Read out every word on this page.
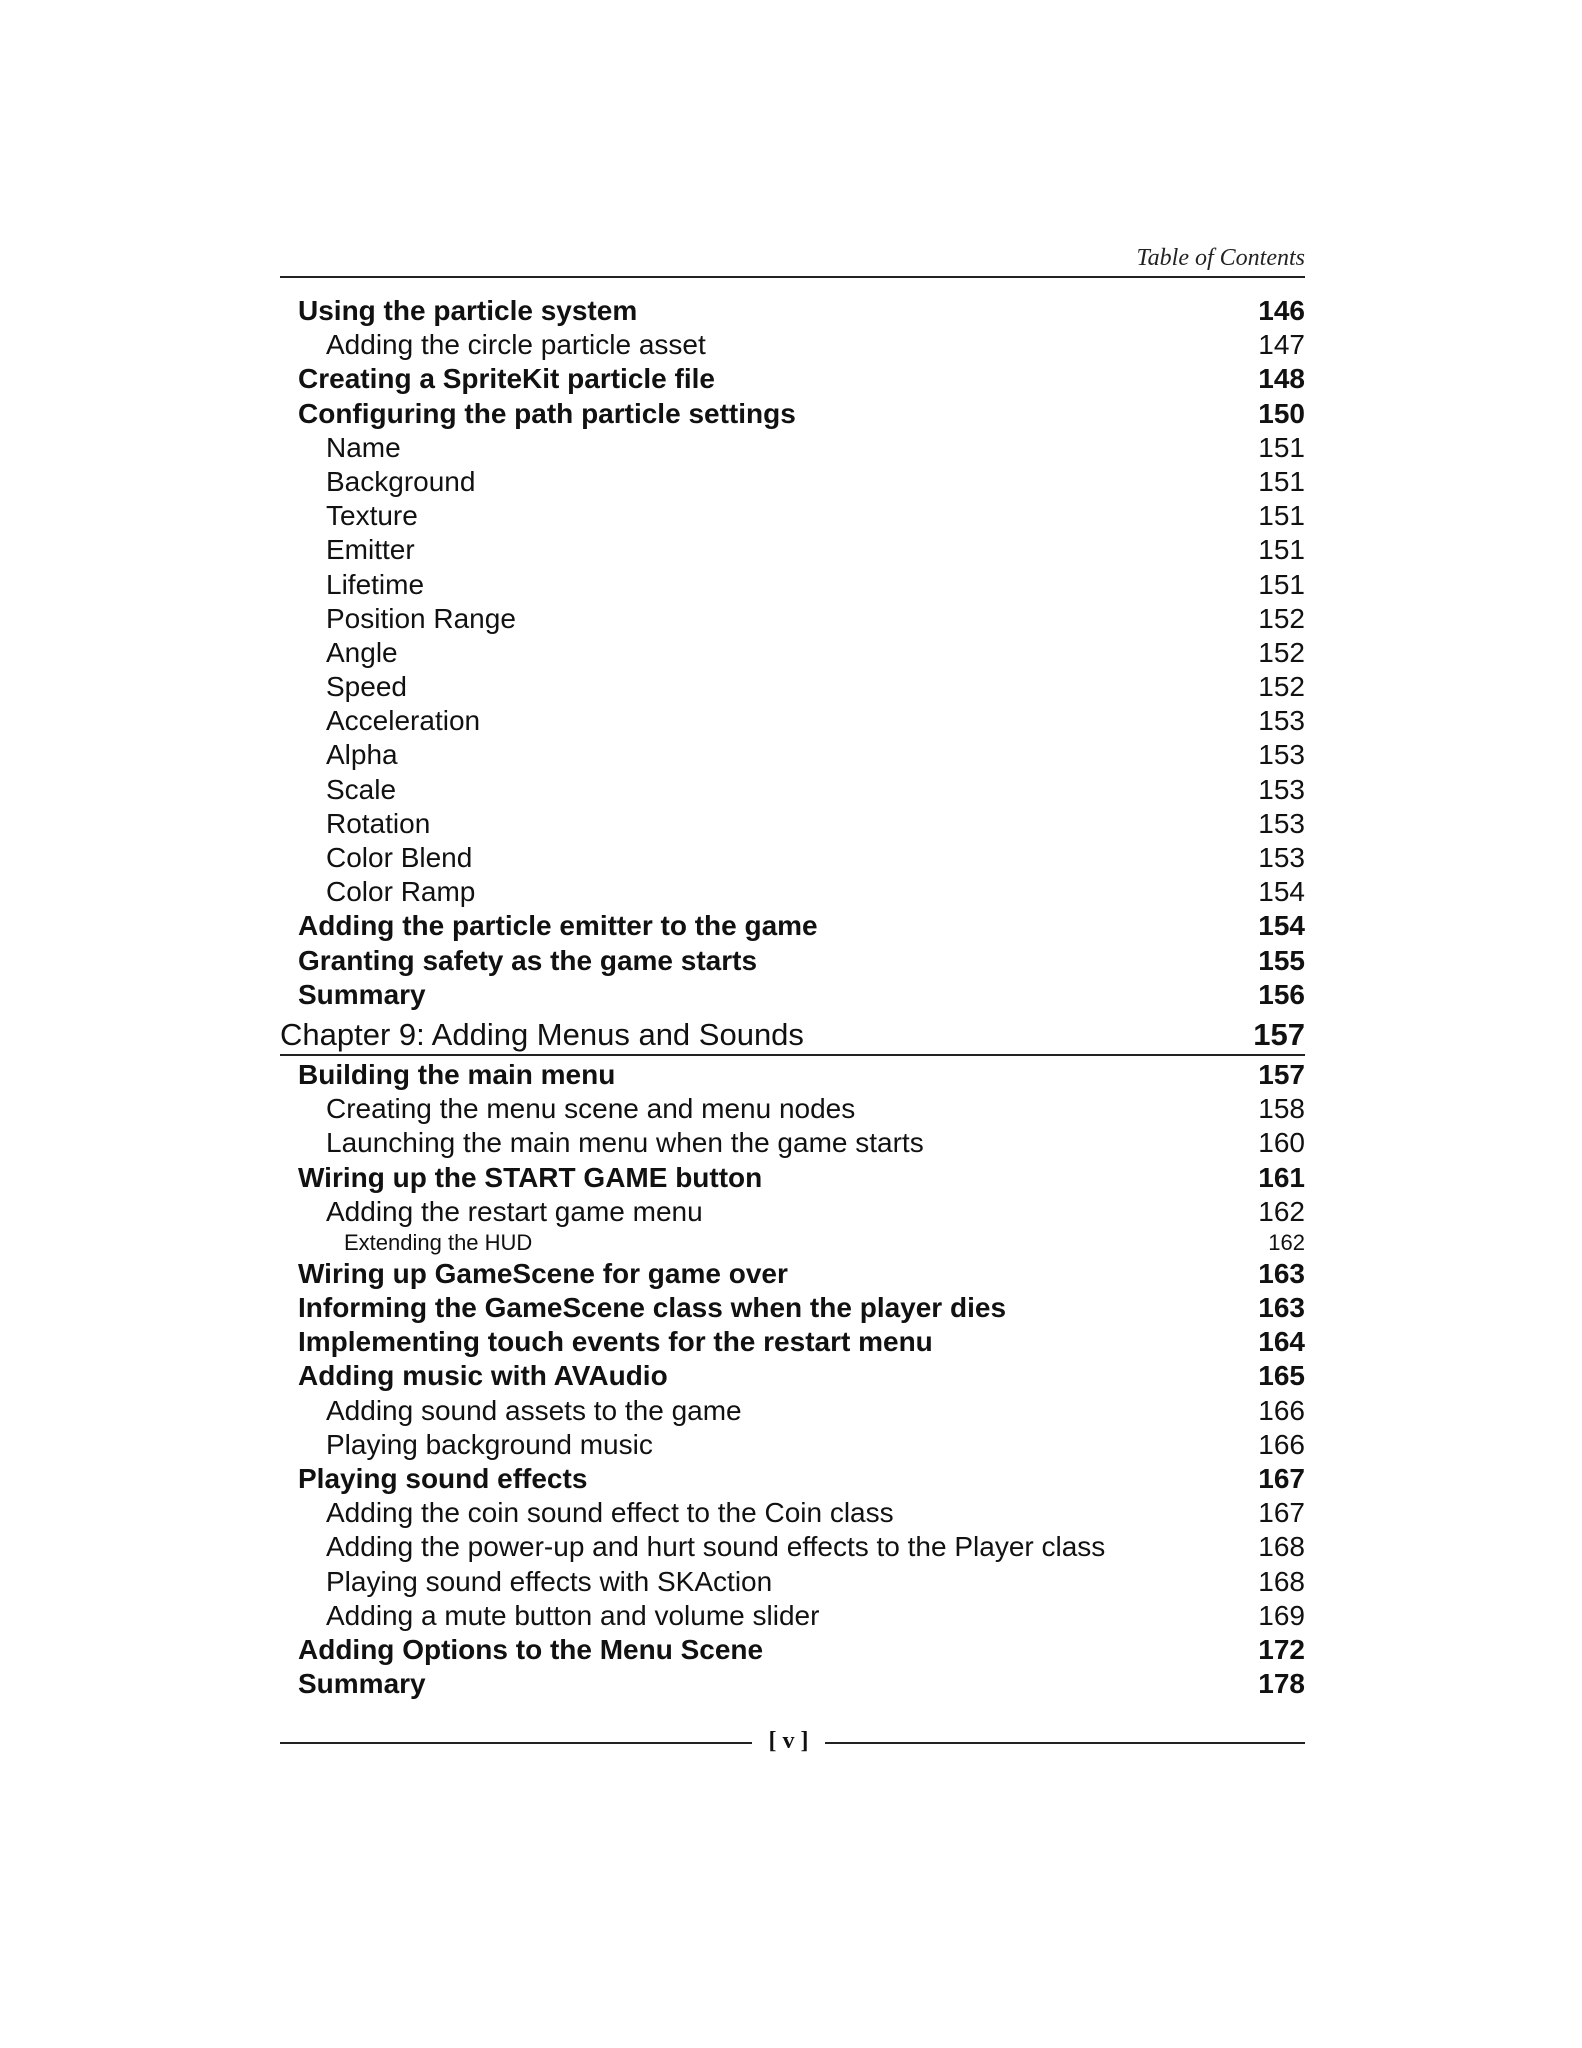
Table of Contents
Using the particle system	146
Adding the circle particle asset	147
Creating a SpriteKit particle file	148
Configuring the path particle settings	150
Name	151
Background	151
Texture	151
Emitter	151
Lifetime	151
Position Range	152
Angle	152
Speed	152
Acceleration	153
Alpha	153
Scale	153
Rotation	153
Color Blend	153
Color Ramp	154
Adding the particle emitter to the game	154
Granting safety as the game starts	155
Summary	156
Chapter 9: Adding Menus and Sounds	157
Building the main menu	157
Creating the menu scene and menu nodes	158
Launching the main menu when the game starts	160
Wiring up the START GAME button	161
Adding the restart game menu	162
Extending the HUD	162
Wiring up GameScene for game over	163
Informing the GameScene class when the player dies	163
Implementing touch events for the restart menu	164
Adding music with AVAudio	165
Adding sound assets to the game	166
Playing background music	166
Playing sound effects	167
Adding the coin sound effect to the Coin class	167
Adding the power-up and hurt sound effects to the Player class	168
Playing sound effects with SKAction	168
Adding a mute button and volume slider	169
Adding Options to the Menu Scene	172
Summary	178
[ v ]
